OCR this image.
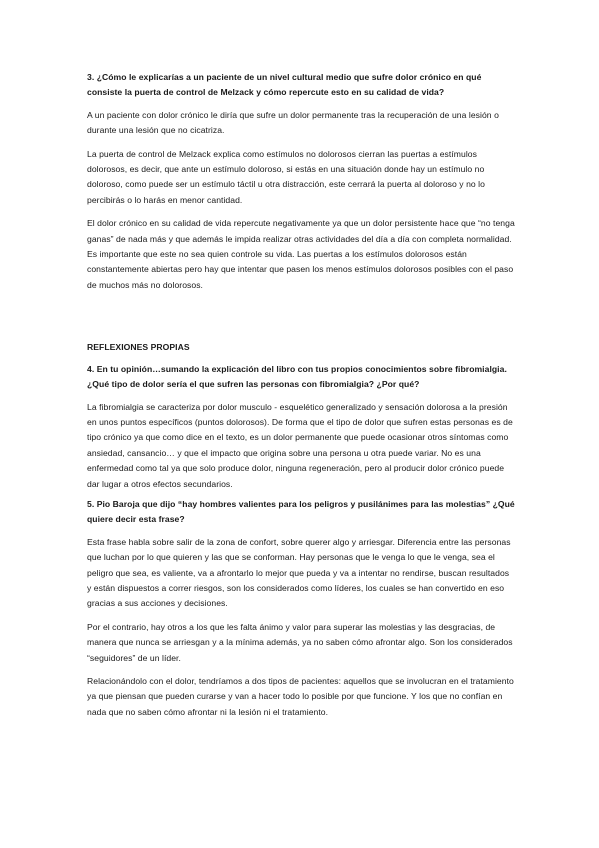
3. ¿Cómo le explicarías a un paciente de un nivel cultural medio que sufre dolor crónico en qué consiste la puerta de control de Melzack y cómo repercute esto en su calidad de vida?

A un paciente con dolor crónico le diría que sufre un dolor permanente tras la recuperación de una lesión o durante una lesión que no cicatriza.

La puerta de control de Melzack explica como estímulos no dolorosos cierran las puertas a estímulos dolorosos, es decir, que ante un estímulo doloroso, si estás en una situación donde hay un estímulo no doloroso, como puede ser un estímulo táctil u otra distracción, este cerrará la puerta al doloroso y no lo percibirás o lo harás en menor cantidad.

El dolor crónico en su calidad de vida repercute negativamente ya que un dolor persistente hace que “no tenga ganas” de nada más y que además le impida realizar otras actividades del día a día con completa normalidad. Es importante que este no sea quien controle su vida. Las puertas a los estímulos dolorosos están constantemente abiertas pero hay que intentar que pasen los menos estímulos dolorosos posibles con el paso de muchos más no dolorosos.

REFLEXIONES PROPIAS

4. En tu opinión…sumando la explicación del libro con tus propios conocimientos sobre fibromialgia. ¿Qué tipo de dolor sería el que sufren las personas con fibromialgia? ¿Por qué?

La fibromialgia se caracteriza por dolor musculo - esquelético generalizado y sensación dolorosa a la presión en unos puntos específicos (puntos dolorosos). De forma que el tipo de dolor que sufren estas personas es de tipo crónico ya que como dice en el texto, es un dolor permanente que puede ocasionar otros síntomas como ansiedad, cansancio… y que el impacto que origina sobre una persona u otra puede variar. No es una enfermedad como tal ya que solo produce dolor, ninguna regeneración, pero al producir dolor crónico puede dar lugar a otros efectos secundarios.

5. Pio Baroja que dijo “hay hombres valientes para los peligros y pusilánimes para las molestias” ¿Qué quiere decir esta frase?

Esta frase habla sobre salir de la zona de confort, sobre querer algo y arriesgar. Diferencia entre las personas que luchan por lo que quieren y las que se conforman. Hay personas que le venga lo que le venga, sea el peligro que sea, es valiente, va a afrontarlo lo mejor que pueda y va a intentar no rendirse, buscan resultados y están dispuestos a correr riesgos, son los considerados como líderes, los cuales se han convertido en eso gracias a sus acciones y decisiones.

Por el contrario, hay otros a los que les falta ánimo y valor para superar las molestias y las desgracias, de manera que nunca se arriesgan y a la mínima además, ya no saben cómo afrontar algo. Son los considerados “seguidores” de un líder.

Relacionándolo con el dolor, tendríamos a dos tipos de pacientes: aquellos que se involucran en el tratamiento ya que piensan que pueden curarse y van a hacer todo lo posible por que funcione. Y los que no confían en nada que no saben cómo afrontar ni la lesión ni el tratamiento.
